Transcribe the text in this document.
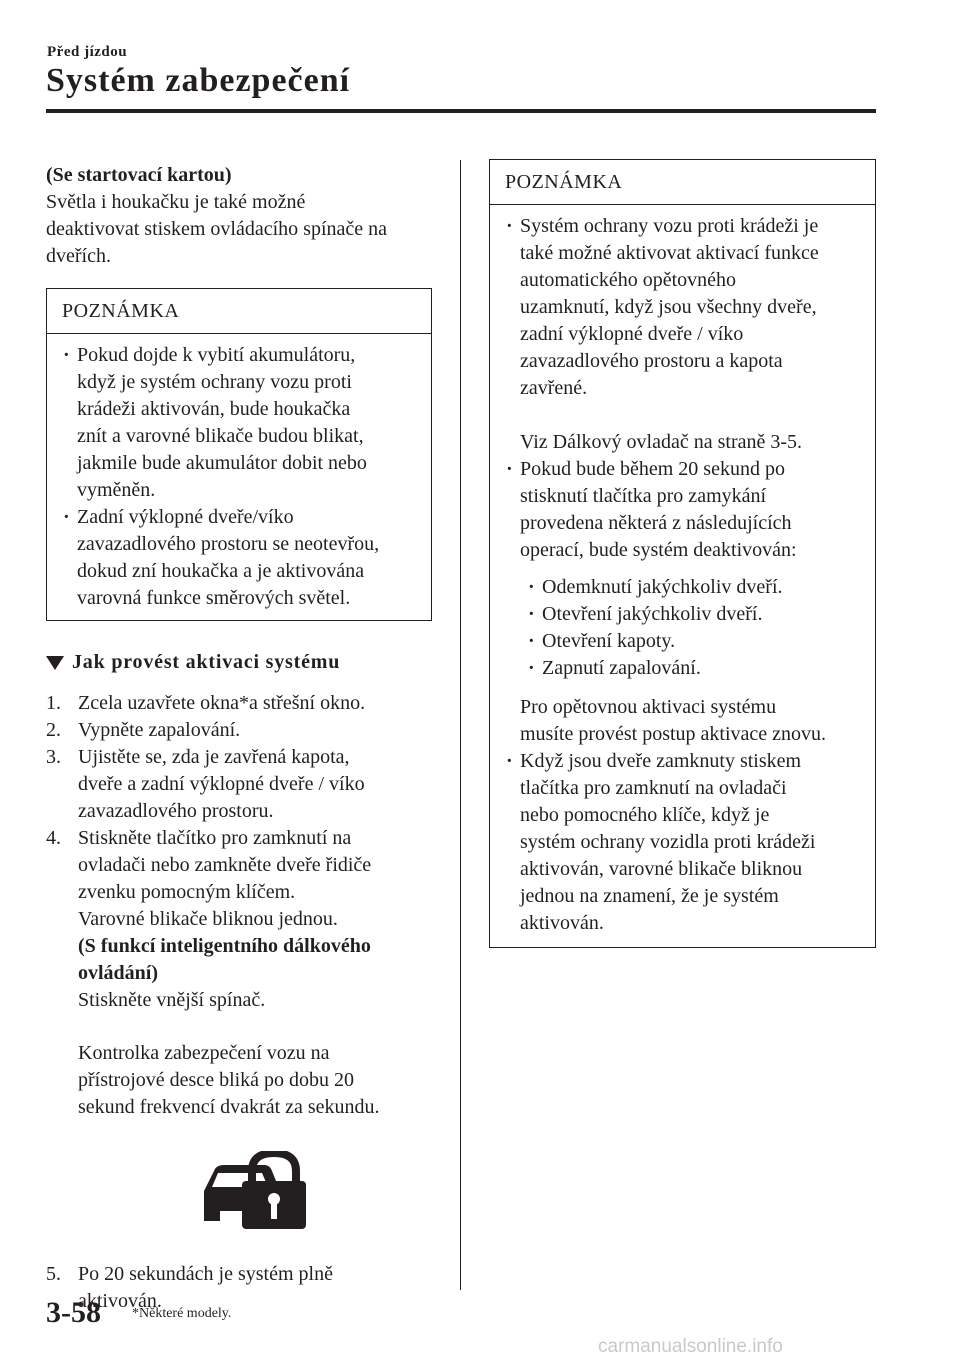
Před jízdou
Systém zabezpečení
(Se startovací kartou)
Světla i houkačku je také možné
deaktivovat stiskem ovládacího spínače na
dveřích.
POZNÁMKA
· Pokud dojde k vybití akumulátoru,
když je systém ochrany vozu proti
krádeži aktivován, bude houkačka
znít a varovné blikače budou blikat,
jakmile bude akumulátor dobit nebo
vyměněn.
· Zadní výklopné dveře/víko
zavazadlového prostoru se neotevřou,
dokud zní houkačka a je aktivována
varovná funkce směrových světel.
Jak provést aktivaci systému
1. Zcela uzavřete okna*a střešní okno.
2. Vypněte zapalování.
3. Ujistěte se, zda je zavřená kapota,
dveře a zadní výklopné dveře / víko
zavazadlového prostoru.
4. Stiskněte tlačítko pro zamknutí na
ovladači nebo zamkněte dveře řidiče
zvenku pomocným klíčem.
Varovné blikače bliknou jednou.
(S funkcí inteligentního dálkového
ovládání)
Stiskněte vnější spínač.
Kontrolka zabezpečení vozu na
přístrojové desce bliká po dobu 20
sekund frekvencí dvakrát za sekundu.
5. Po 20 sekundách je systém plně
aktivován.
POZNÁMKA
· Systém ochrany vozu proti krádeži je
také možné aktivovat aktivací funkce
automatického opětovného
uzamknutí, když jsou všechny dveře,
zadní výklopné dveře / víko
zavazadlového prostoru a kapota
zavřené.
Viz Dálkový ovladač na straně 3-5.
· Pokud bude během 20 sekund po
stisknutí tlačítka pro zamykání
provedena některá z následujících
operací, bude systém deaktivován:
· Odemknutí jakýchkoliv dveří.
· Otevření jakýchkoliv dveří.
· Otevření kapoty.
· Zapnutí zapalování.
Pro opětovnou aktivaci systému
musíte provést postup aktivace znovu.
· Když jsou dveře zamknuty stiskem
tlačítka pro zamknutí na ovladači
nebo pomocného klíče, když je
systém ochrany vozidla proti krádeži
aktivován, varovné blikače bliknou
jednou na znamení, že je systém
aktivován.
3-58 *Některé modely.
carmanualsonline.info
